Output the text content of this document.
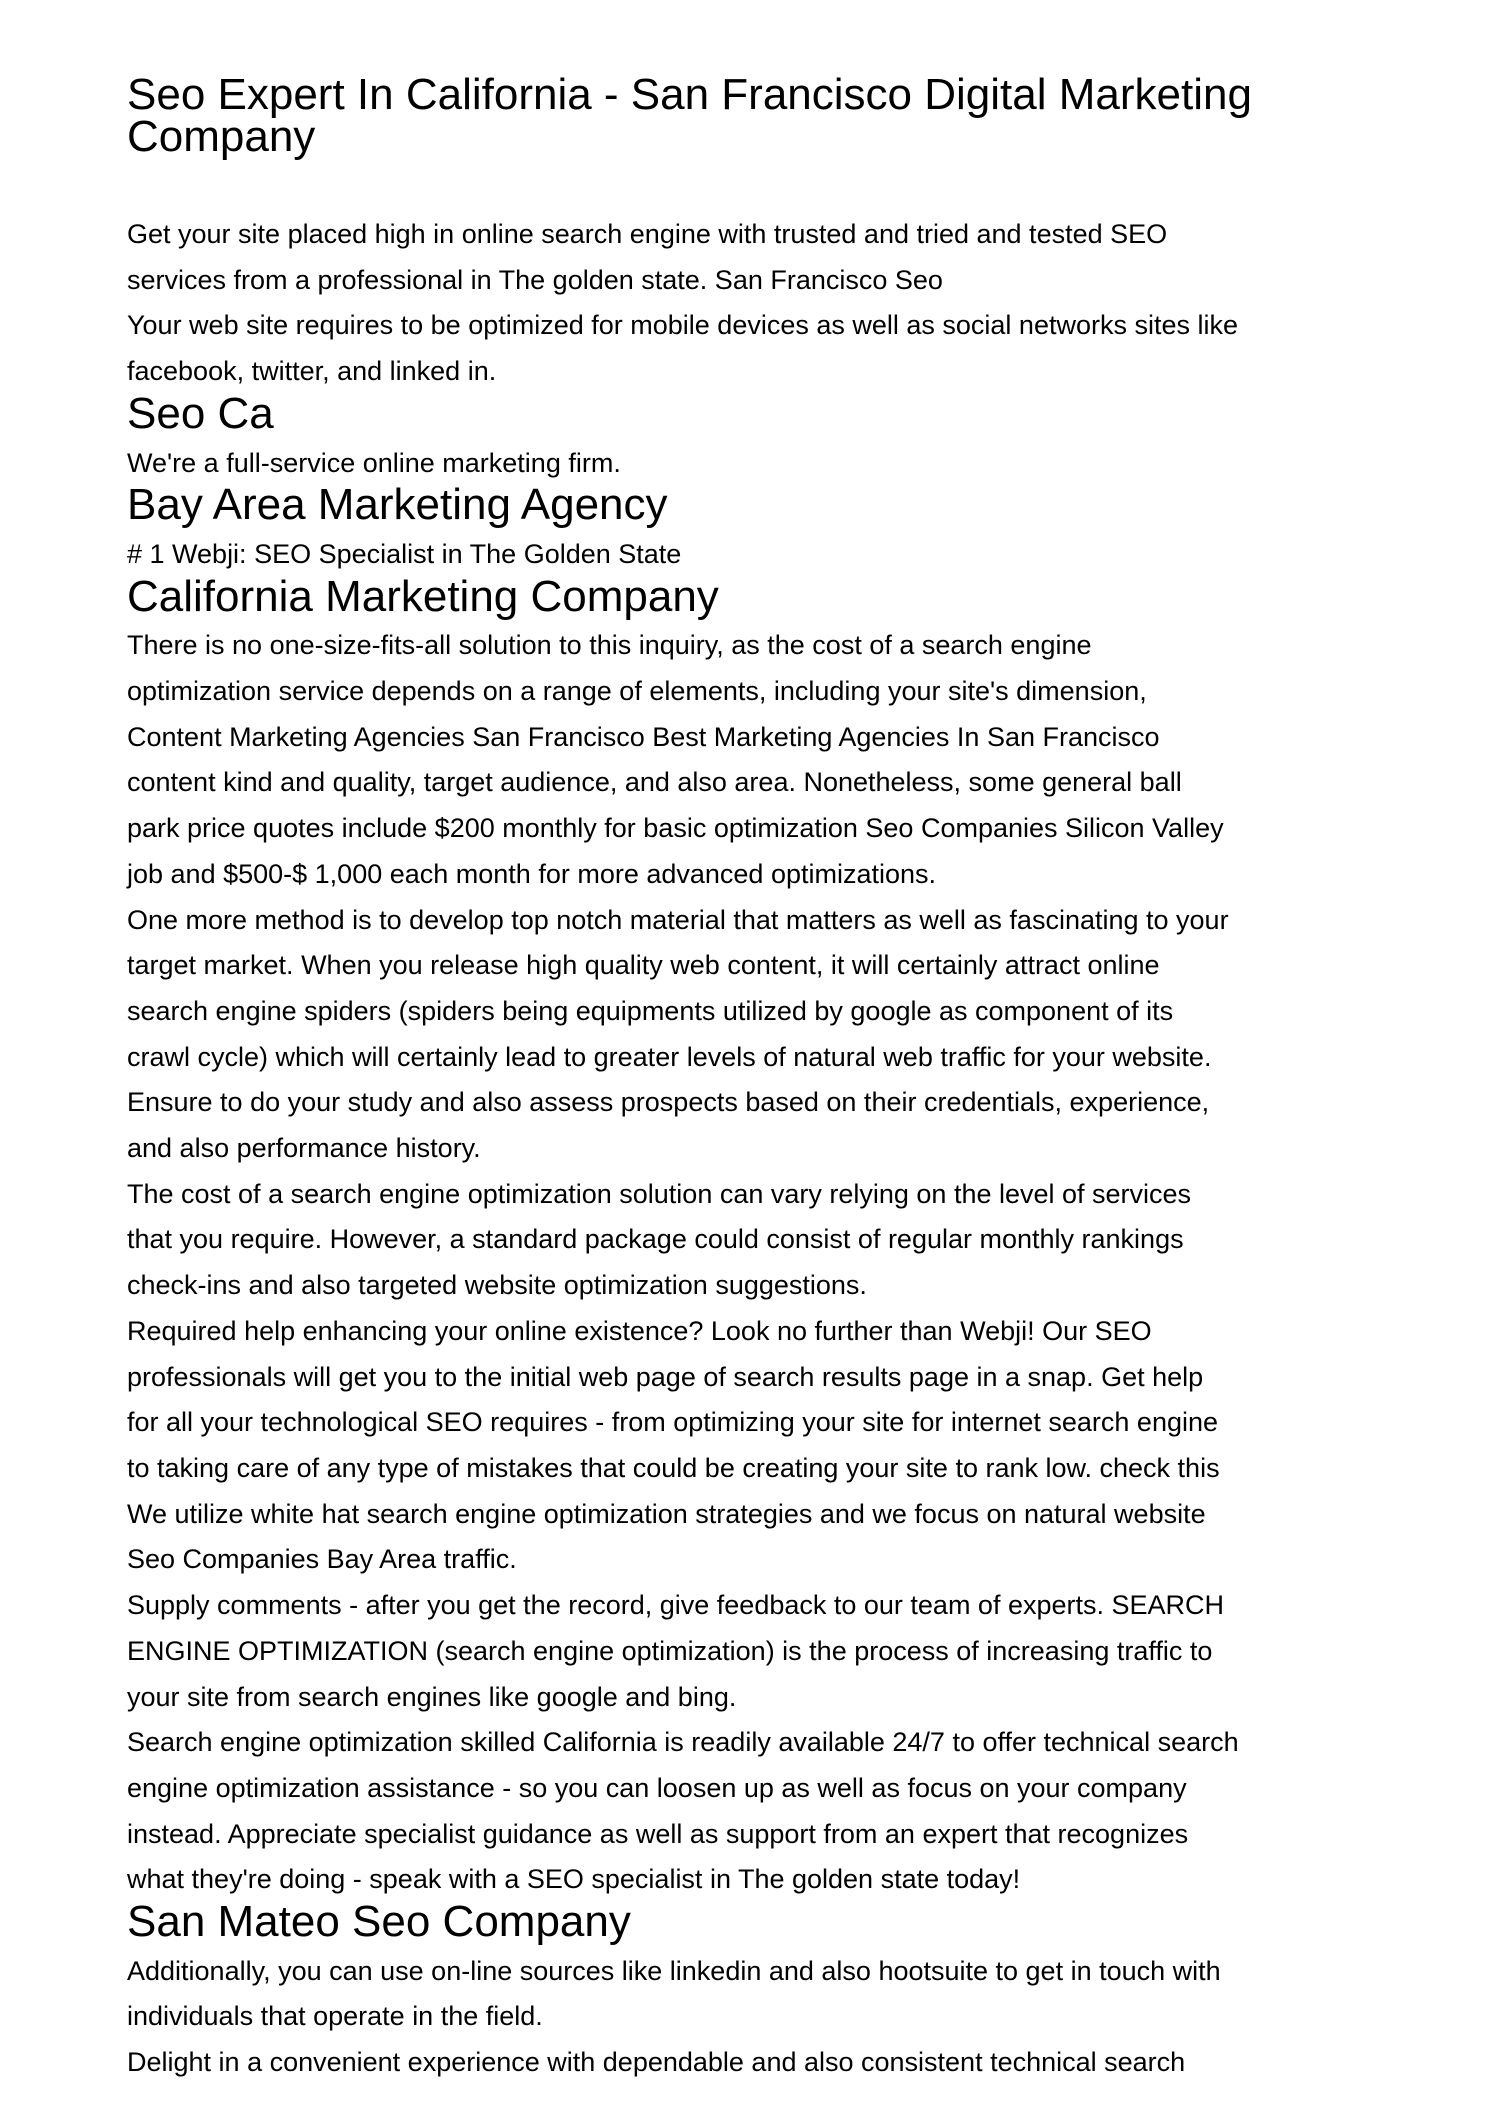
Seo Expert In California - San Francisco Digital Marketing
Company

Get your site placed high in online search engine with trusted and tried and tested SEO
services from a professional in The golden state. San Francisco Seo

Your web site requires to be optimized for mobile devices as well as social networks sites like
facebook, twitter, and linked in.

Seo Ca

We're a full-service online marketing firm.

Bay Area Marketing Agency

# 1 Webji: SEO Specialist in The Golden State

California Marketing Company

There is no one-size-fits-all solution to this inquiry, as the cost of a search engine
optimization service depends on a range of elements, including your site's dimension,
Content Marketing Agencies San Francisco Best Marketing Agencies In San Francisco
content kind and quality, target audience, and also area. Nonetheless, some general ball
park price quotes include $200 monthly for basic optimization Seo Companies Silicon Valley
job and $500-$ 1,000 each month for more advanced optimizations.

One more method is to develop top notch material that matters as well as fascinating to your
target market. When you release high quality web content, it will certainly attract online
search engine spiders (spiders being equipments utilized by google as component of its
crawl cycle) which will certainly lead to greater levels of natural web traffic for your website.
Ensure to do your study and also assess prospects based on their credentials, experience,
and also performance history.

The cost of a search engine optimization solution can vary relying on the level of services
that you require. However, a standard package could consist of regular monthly rankings
check-ins and also targeted website optimization suggestions.

Required help enhancing your online existence? Look no further than Webji! Our SEO
professionals will get you to the initial web page of search results page in a snap. Get help
for all your technological SEO requires - from optimizing your site for internet search engine
to taking care of any type of mistakes that could be creating your site to rank low. check this
We utilize white hat search engine optimization strategies and we focus on natural website
Seo Companies Bay Area traffic.

Supply comments - after you get the record, give feedback to our team of experts. SEARCH
ENGINE OPTIMIZATION (search engine optimization) is the process of increasing traffic to
your site from search engines like google and bing.

Search engine optimization skilled California is readily available 24/7 to offer technical search
engine optimization assistance - so you can loosen up as well as focus on your company
instead. Appreciate specialist guidance as well as support from an expert that recognizes
what they're doing - speak with a SEO specialist in The golden state today!

San Mateo Seo Company

Additionally, you can use on-line sources like linkedin and also hootsuite to get in touch with
individuals that operate in the field.

Delight in a convenient experience with dependable and also consistent technical search
